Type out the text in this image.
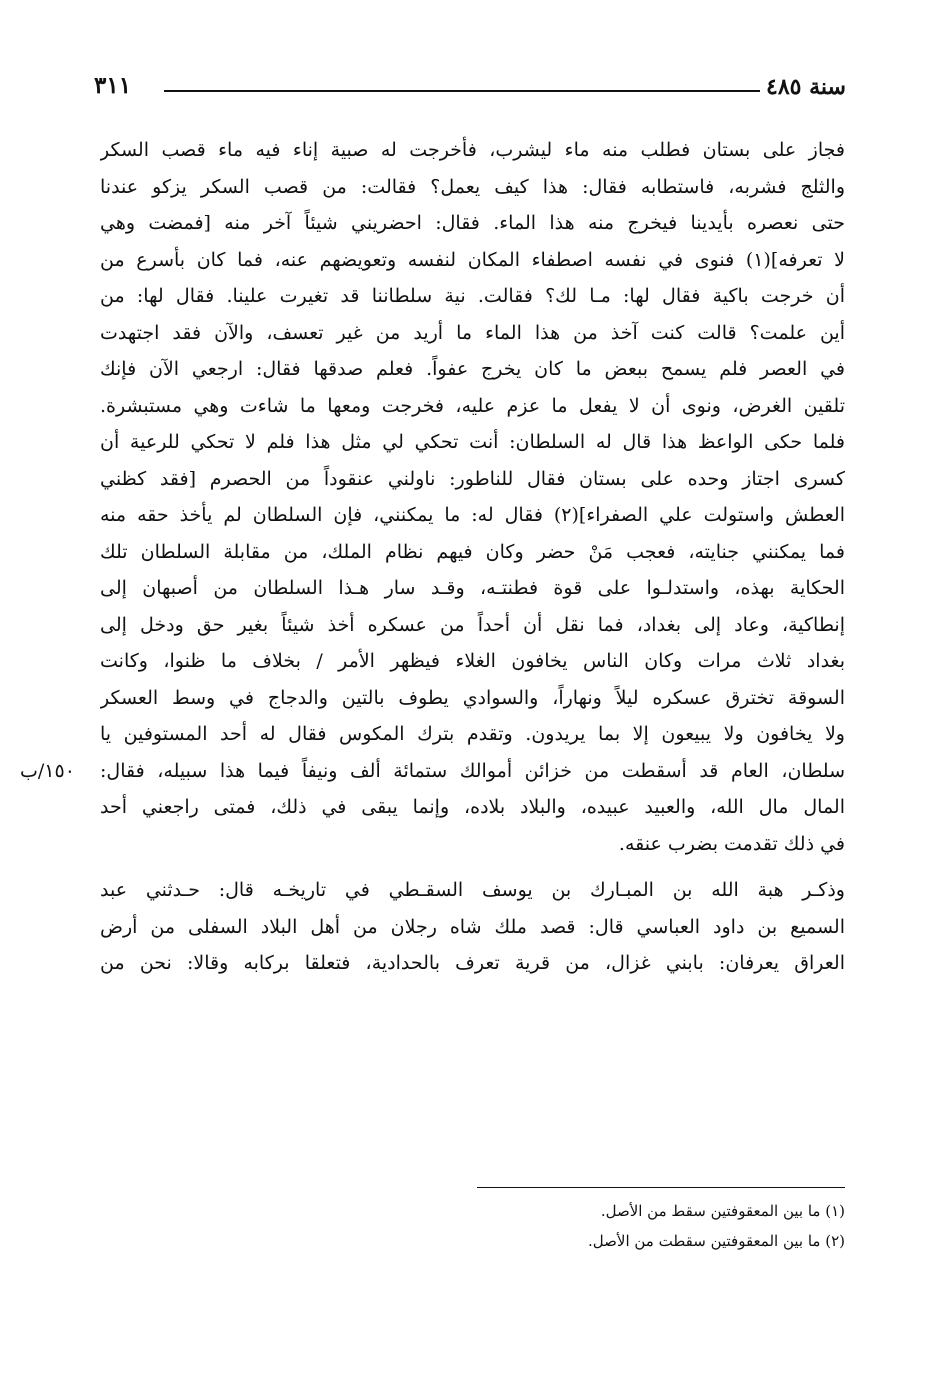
سنة ٤٨٥
٣١١
١٥٠/ب
فجاز على بستان فطلب منه ماء ليشرب، فأخرجت له صبية إناء فيه ماء قصب السكر
والثلج فشربه، فاستطابه فقال: هذا كيف يعمل؟ فقالت: من قصب السكر يزكو عندنا
حتى نعصره بأيدينا فيخرج منه هذا الماء. فقال: احضريني شيئاً آخر منه [فمضت وهي
لا تعرفه](١) فنوى في نفسه اصطفاء المكان لنفسه وتعويضهم عنه، فما كان بأسرع من
أن خرجت باكية فقال لها: مـا لك؟ فقالت. نية سلطاننا قد تغيرت علينا. فقال لها: من
أين علمت؟ قالت كنت آخذ من هذا الماء ما أريد من غير تعسف، والآن فقد اجتهدت
في العصر فلم يسمح ببعض ما كان يخرج عفواً. فعلم صدقها فقال: ارجعي الآن فإنك
تلقين الغرض، ونوى أن لا يفعل ما عزم عليه، فخرجت ومعها ما شاءت وهي مستبشرة.
فلما حكى الواعظ هذا قال له السلطان: أنت تحكي لي مثل هذا فلم لا تحكي للرعية أن
كسرى اجتاز وحده على بستان فقال للناطور: ناولني عنقوداً من الحصرم [فقد كظني
العطش واستولت علي الصفراء](٢) فقال له: ما يمكنني، فإن السلطان لم يأخذ حقه منه
فما يمكنني جنايته، فعجب مَنْ حضر وكان فيهم نظام الملك، من مقابلة السلطان تلك
الحكاية بهذه، واستدلـوا على قوة فطنتـه، وقـد سار هـذا السلطان من أصبهان إلى
إنطاكية، وعاد إلى بغداد، فما نقل أن أحداً من عسكره أخذ شيئاً بغير حق ودخل إلى
بغداد ثلاث مرات وكان الناس يخافون الغلاء فيظهر الأمر / بخلاف ما ظنوا، وكانت
السوقة تخترق عسكره ليلاً ونهاراً، والسوادي يطوف بالتين والدجاج في وسط العسكر
ولا يخافون ولا يبيعون إلا بما يريدون. وتقدم بترك المكوس فقال له أحد المستوفين يا
سلطان، العام قد أسقطت من خزائن أموالك ستمائة ألف ونيفاً فيما هذا سبيله، فقال:
المال مال الله، والعبيد عبيده، والبلاد بلاده، وإنما يبقى في ذلك، فمتى راجعني أحد
في ذلك تقدمت بضرب عنقه.
وذكـر هبة الله بن المبـارك بن يوسف السقـطي في تاريخـه قال: حـدثني عبد
السميع بن داود العباسي قال: قصد ملك شاه رجلان من أهل البلاد السفلى من أرض
العراق يعرفان: بابني غزال، من قرية تعرف بالحدادية، فتعلقا بركابه وقالا: نحن من
(١) ما بين المعقوفتين سقط من الأصل.
(٢) ما بين المعقوفتين سقطت من الأصل.
